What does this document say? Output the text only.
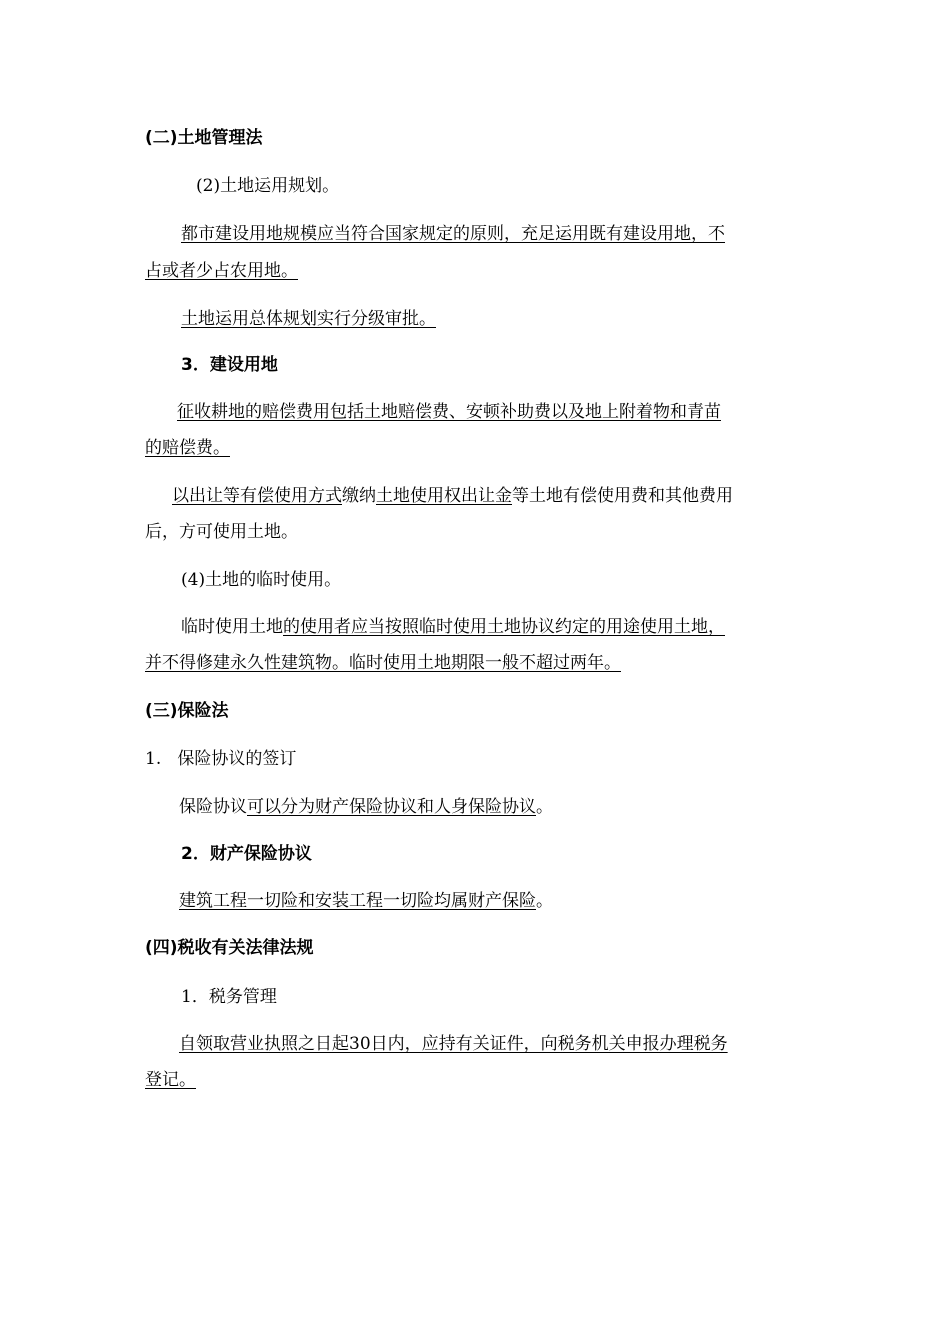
(二)土地管理法
(2)土地运用规划。
都市建设用地规模应当符合国家规定的原则，充足运用既有建设用地，不
占或者少占农用地。
土地运用总体规划实行分级审批。
3．建设用地
征收耕地的赔偿费用包括土地赔偿费、安顿补助费以及地上附着物和青苗
的赔偿费。
以出让等有偿使用方式缴纳土地使用权出让金等土地有偿使用费和其他费用
后，方可使用土地。
(4)土地的临时使用。
临时使用土地的使用者应当按照临时使用土地协议约定的用途使用土地，
并不得修建永久性建筑物。临时使用土地期限一般不超过两年。
(三)保险法
1.   保险协议的签订
保险协议可以分为财产保险协议和人身保险协议。
2．财产保险协议
建筑工程一切险和安装工程一切险均属财产保险。
(四)税收有关法律法规
1．税务管理
自领取营业执照之日起30日内，应持有关证件，向税务机关申报办理税务
登记。
